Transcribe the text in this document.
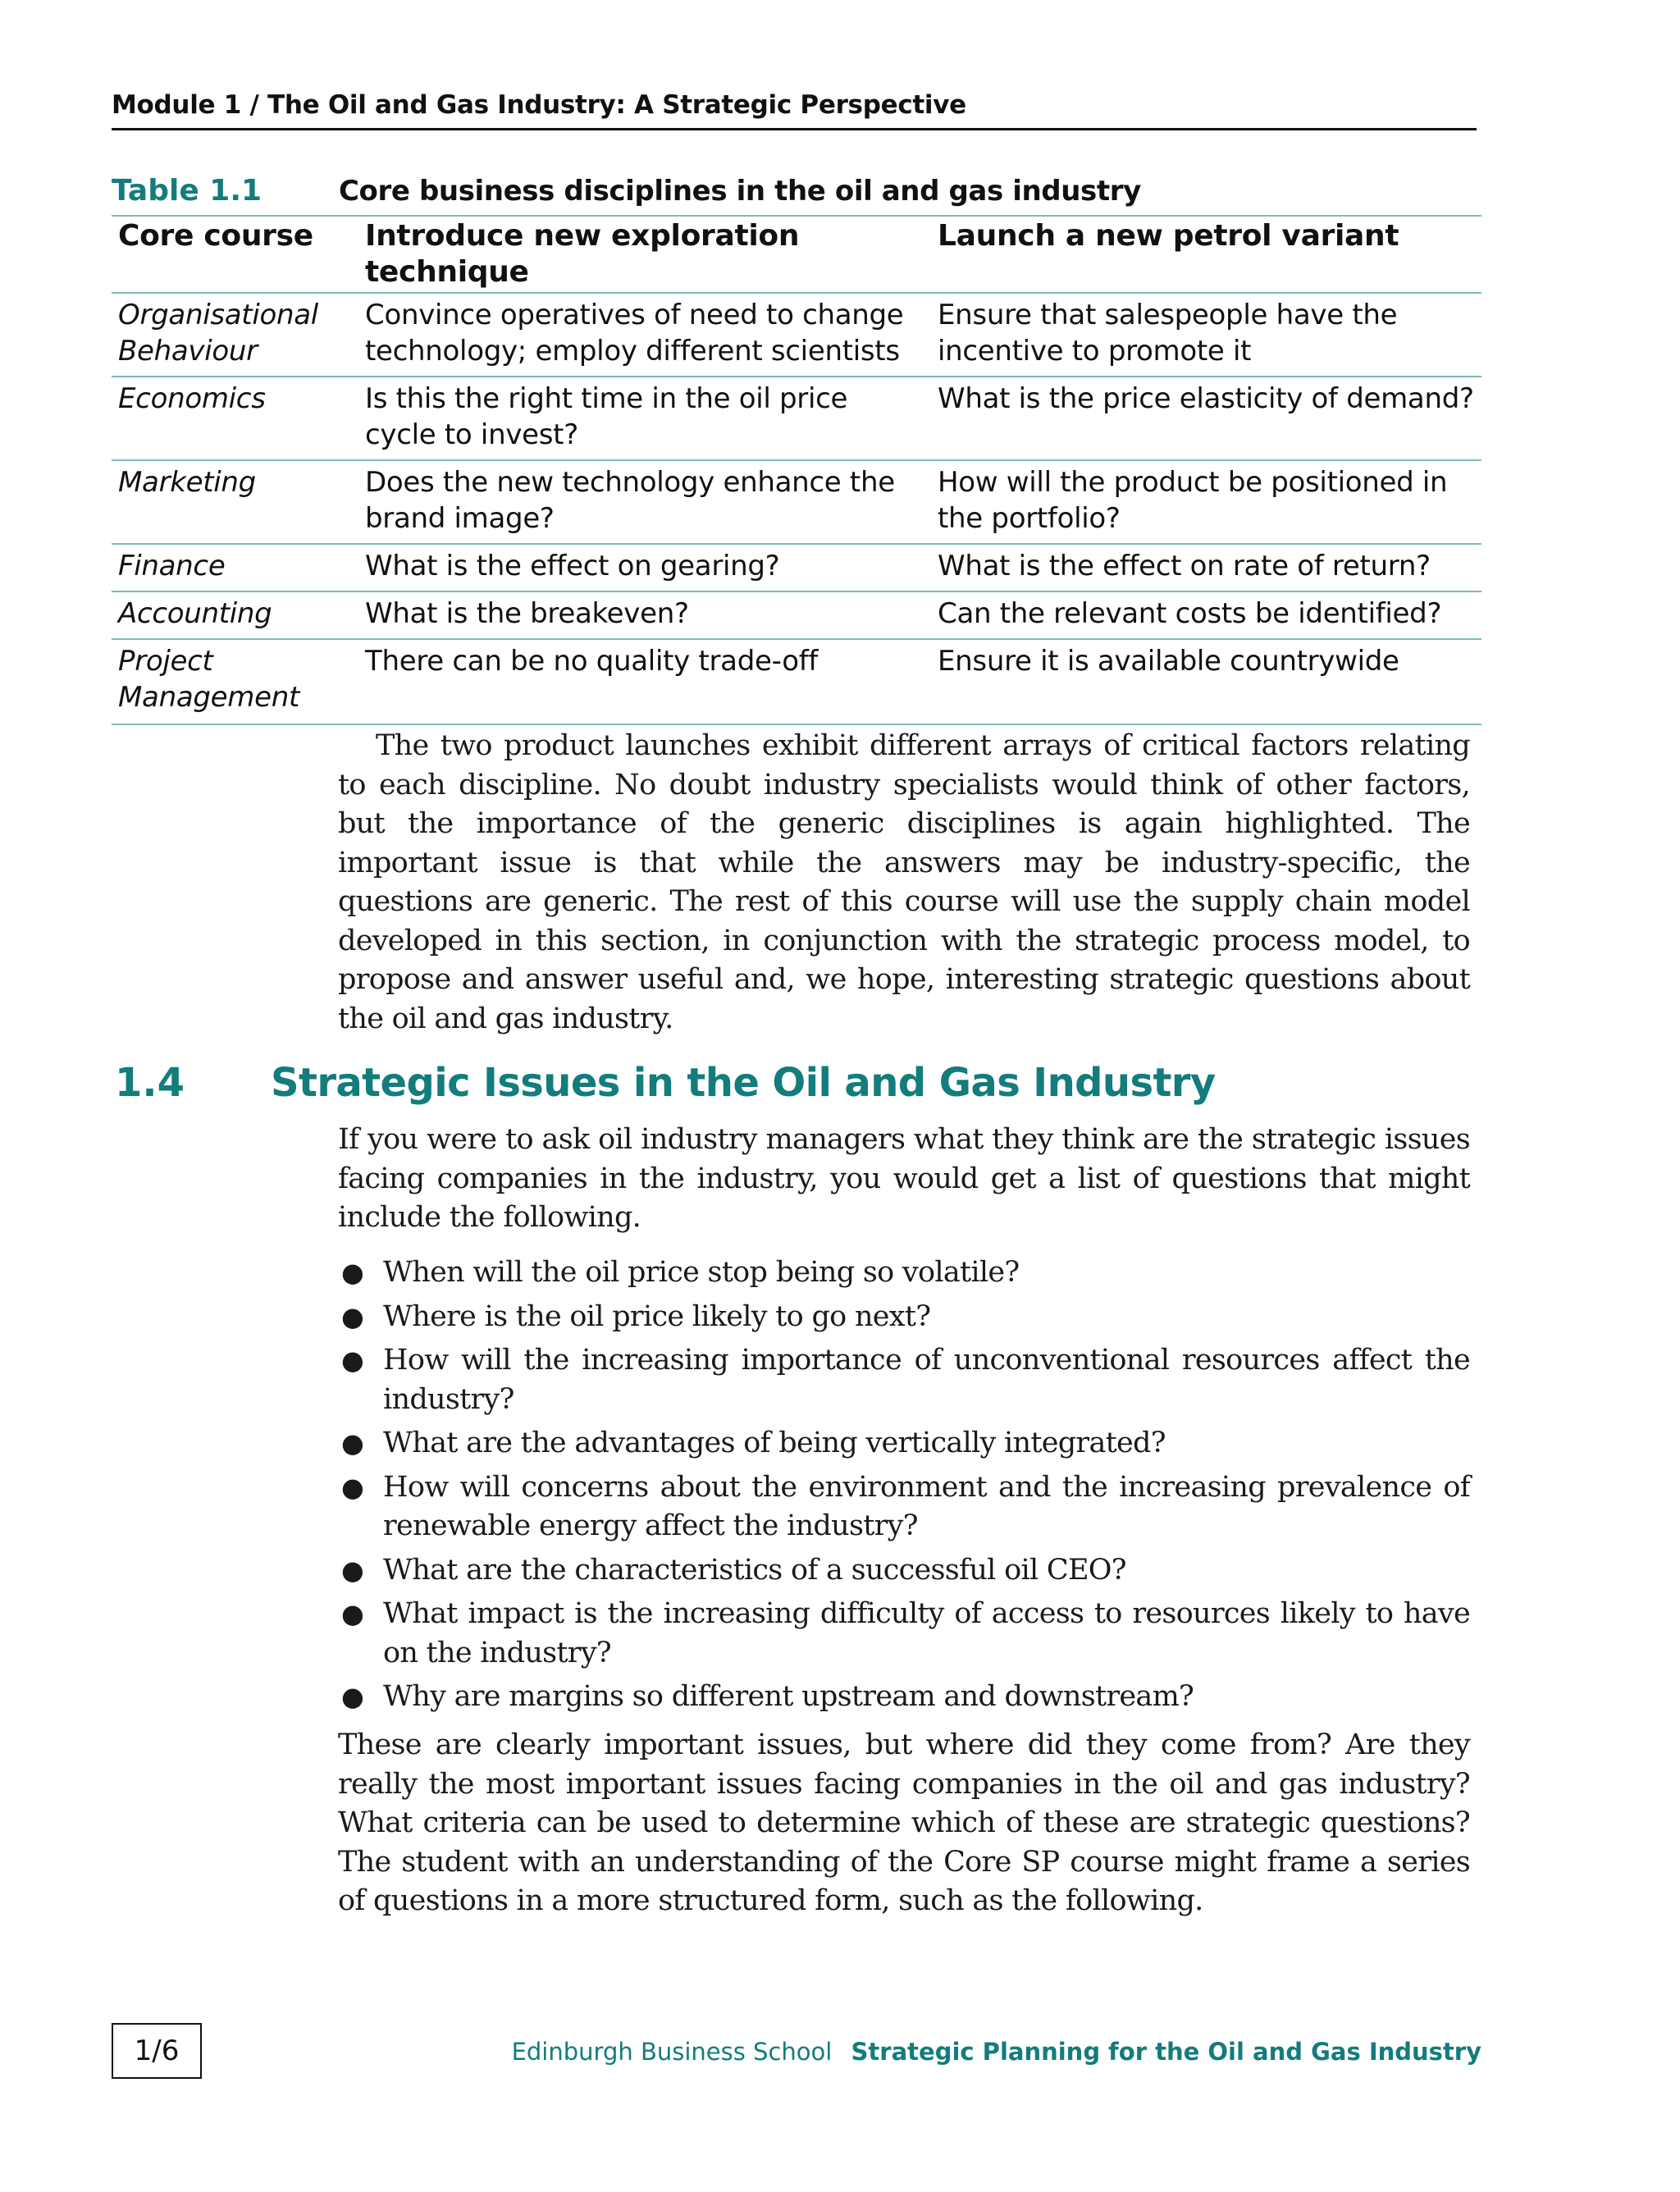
Module 1 / The Oil and Gas Industry: A Strategic Perspective
Table 1.1	Core business disciplines in the oil and gas industry
Core course	Introduce new exploration technique	Launch a new petrol variant
Organisational Behaviour	Convince operatives of need to change technology; employ different scientists	Ensure that salespeople have the incentive to promote it
Economics	Is this the right time in the oil price cycle to invest?	What is the price elasticity of demand?
Marketing	Does the new technology enhance the brand image?	How will the product be positioned in the portfolio?
Finance	What is the effect on gearing?	What is the effect on rate of return?
Accounting	What is the breakeven?	Can the relevant costs be identified?
Project Management	There can be no quality trade-off	Ensure it is available countrywide

The two product launches exhibit different arrays of critical factors relating to each discipline. No doubt industry specialists would think of other factors, but the importance of the generic disciplines is again highlighted. The important issue is that while the answers may be industry-specific, the questions are generic. The rest of this course will use the supply chain model developed in this section, in conjunction with the strategic process model, to propose and answer useful and, we hope, interesting strategic questions about the oil and gas industry.

1.4 Strategic Issues in the Oil and Gas Industry

If you were to ask oil industry managers what they think are the strategic issues facing companies in the industry, you would get a list of questions that might include the following.

● When will the oil price stop being so volatile?
● Where is the oil price likely to go next?
● How will the increasing importance of unconventional resources affect the industry?
● What are the advantages of being vertically integrated?
● How will concerns about the environment and the increasing prevalence of renewable energy affect the industry?
● What are the characteristics of a successful oil CEO?
● What impact is the increasing difficulty of access to resources likely to have on the industry?
● Why are margins so different upstream and downstream?

These are clearly important issues, but where did they come from? Are they really the most important issues facing companies in the oil and gas industry? What criteria can be used to determine which of these are strategic questions? The student with an understanding of the Core SP course might frame a series of questions in a more structured form, such as the following.

1/6	Edinburgh Business School Strategic Planning for the Oil and Gas Industry
